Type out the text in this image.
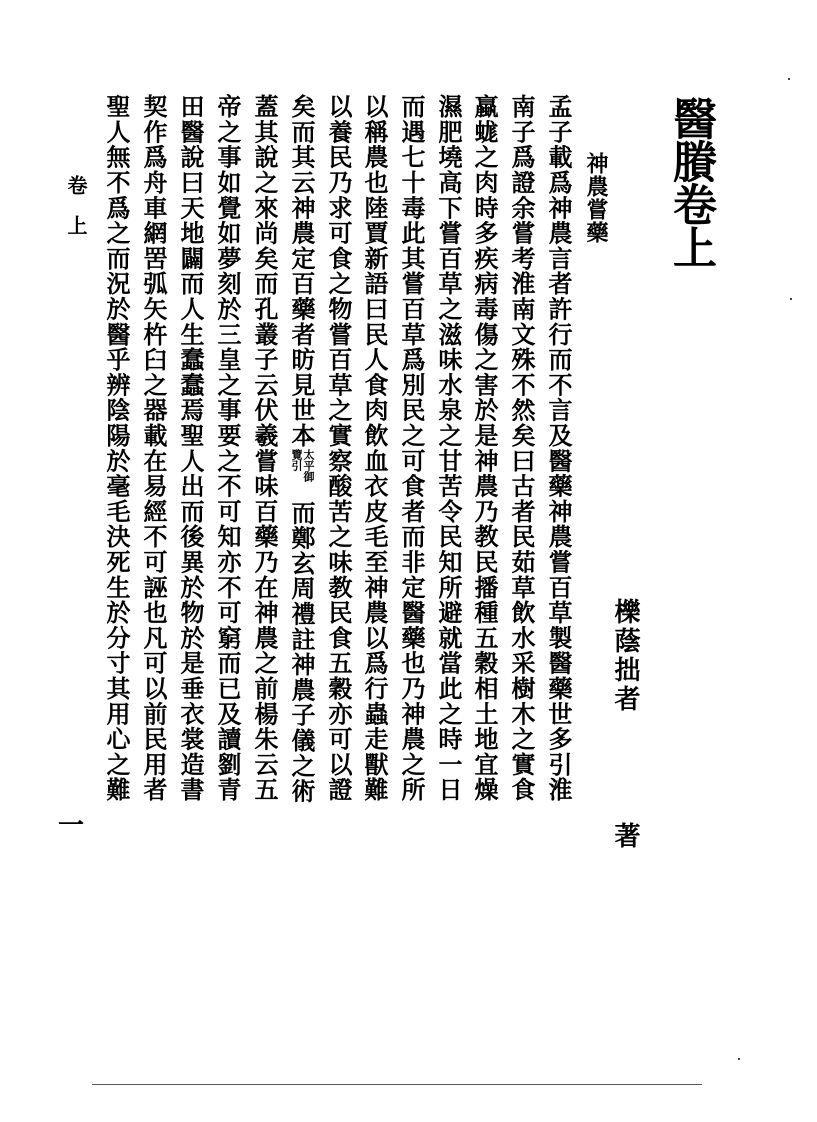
醫賸卷上
櫟蔭拙者
著
神農嘗藥
孟子載爲神農言者許行而不言及醫藥神農嘗百草製醫藥世多引淮
南子爲證余嘗考淮南文殊不然矣曰古者民茹草飲水采樹木之實食
蠃蛖之肉時多疾病毒傷之害於是神農乃教民播種五穀相土地宜燥
濕肥墝高下嘗百草之滋味水泉之甘苦令民知所避就當此之時一日
而遇七十毒此其嘗百草爲別民之可食者而非定醫藥也乃神農之所
以稱農也陸賈新語曰民人食肉飲血衣皮毛至神農以爲行蟲走獸難
以養民乃求可食之物嘗百草之實察酸苦之味教民食五穀亦可以證
矣而其云神農定百藥者昉見世本
太平御
覽引
而鄭玄周禮註神農子儀之術
蓋其說之來尚矣而孔叢子云伏羲嘗味百藥乃在神農之前楊朱云五
帝之事如覺如夢刻於三皇之事要之不可知亦不可窮而已及讀劉青
田醫說曰天地闢而人生蠢蠢焉聖人出而後異於物於是垂衣裳造書
契作爲舟車網罟弧矢杵臼之器載在易經不可誣也凡可以前民用者
聖人無不爲之而況於醫乎辨陰陽於毫毛決死生於分寸其用心之難
卷上
一
